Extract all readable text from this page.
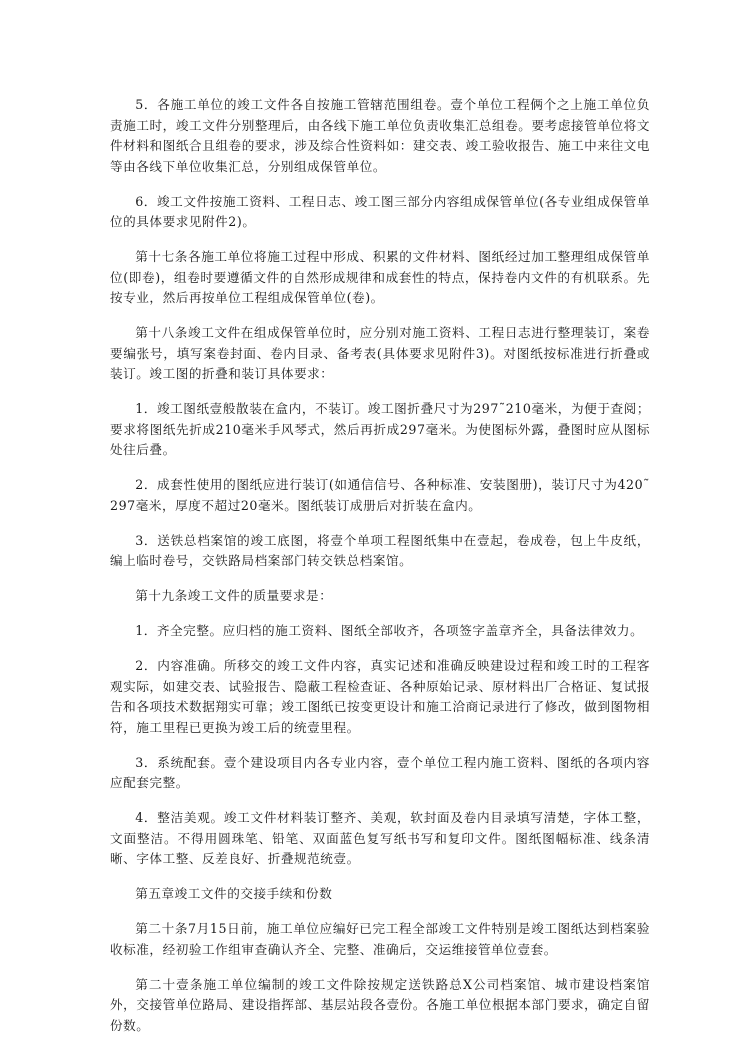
5．各施工单位的竣工文件各自按施工管辖范围组卷。壹个单位工程俩个之上施工单位负责施工时，竣工文件分别整理后，由各线下施工单位负责收集汇总组卷。要考虑接管单位将文件材料和图纸合且组卷的要求，涉及综合性资料如：建交表、竣工验收报告、施工中来往文电等由各线下单位收集汇总，分别组成保管单位。

6．竣工文件按施工资料、工程日志、竣工图三部分内容组成保管单位(各专业组成保管单位的具体要求见附件2)。

第十七条各施工单位将施工过程中形成、积累的文件材料、图纸经过加工整理组成保管单位(即卷)，组卷时要遵循文件的自然形成规律和成套性的特点，保持卷内文件的有机联系。先按专业，然后再按单位工程组成保管单位(卷)。

第十八条竣工文件在组成保管单位时，应分别对施工资料、工程日志进行整理装订，案卷要编张号，填写案卷封面、卷内目录、备考表(具体要求见附件3)。对图纸按标准进行折叠或装订。竣工图的折叠和装订具体要求：

1．竣工图纸壹般散装在盒内，不装订。竣工图折叠尺寸为297˜210毫米，为便于查阅；要求将图纸先折成210毫米手风琴式，然后再折成297毫米。为使图标外露，叠图时应从图标处往后叠。

2．成套性使用的图纸应进行装订(如通信信号、各种标准、安装图册)，装订尺寸为420˜297毫米，厚度不超过20毫米。图纸装订成册后对折装在盒内。

3．送铁总档案馆的竣工底图，将壹个单项工程图纸集中在壹起，卷成卷，包上牛皮纸，编上临时卷号，交铁路局档案部门转交铁总档案馆。

第十九条竣工文件的质量要求是：

1．齐全完整。应归档的施工资料、图纸全部收齐，各项签字盖章齐全，具备法律效力。

2．内容准确。所移交的竣工文件内容，真实记述和准确反映建设过程和竣工时的工程客观实际，如建交表、试验报告、隐蔽工程检查证、各种原始记录、原材料出厂合格证、复试报告和各项技术数据翔实可靠；竣工图纸已按变更设计和施工洽商记录进行了修改，做到图物相符，施工里程已更换为竣工后的统壹里程。

3．系统配套。壹个建设项目内各专业内容，壹个单位工程内施工资料、图纸的各项内容应配套完整。

4．整洁美观。竣工文件材料装订整齐、美观，软封面及卷内目录填写清楚，字体工整，文面整洁。不得用圆珠笔、铅笔、双面蓝色复写纸书写和复印文件。图纸图幅标准、线条清晰、字体工整、反差良好、折叠规范统壹。

第五章竣工文件的交接手续和份数

第二十条7月15日前，施工单位应编好已完工程全部竣工文件特别是竣工图纸达到档案验收标准，经初验工作组审查确认齐全、完整、准确后，交运维接管单位壹套。

第二十壹条施工单位编制的竣工文件除按规定送铁路总X公司档案馆、城市建设档案馆外，交接管单位路局、建设指挥部、基层站段各壹份。各施工单位根据本部门要求，确定自留份数。
